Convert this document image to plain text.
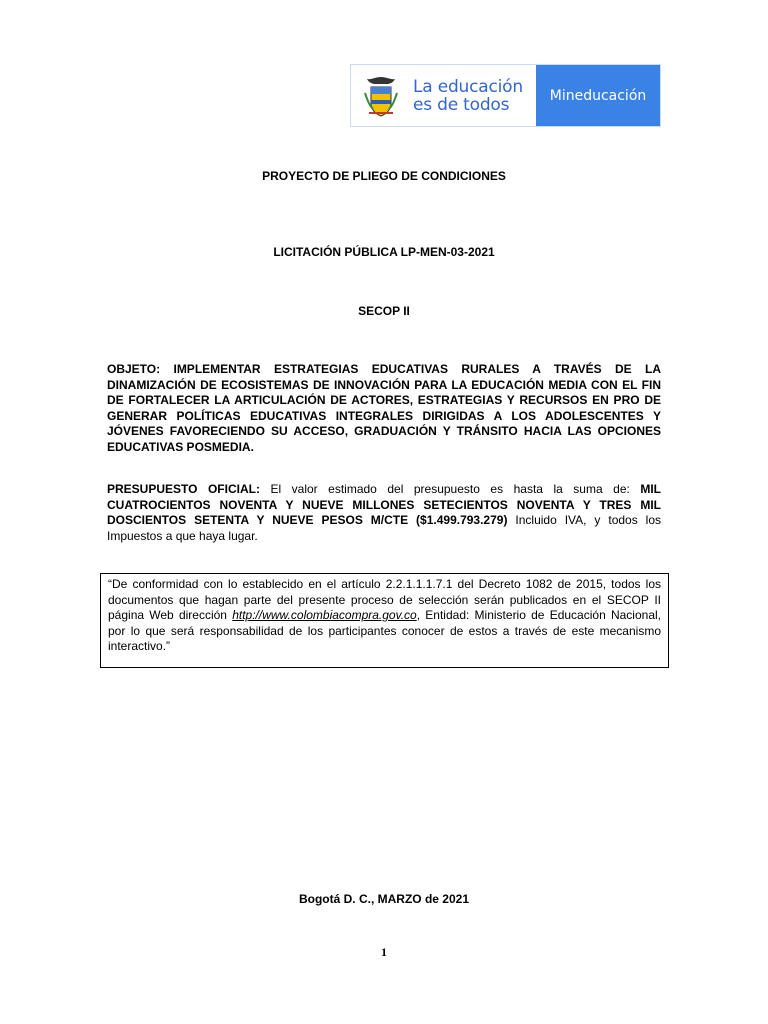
La educación
es de todos	Mineducación
PROYECTO DE PLIEGO DE CONDICIONES
LICITACIÓN PÚBLICA LP-MEN-03-2021
SECOP II
OBJETO: IMPLEMENTAR ESTRATEGIAS EDUCATIVAS RURALES A TRAVÉS DE LA DINAMIZACIÓN DE ECOSISTEMAS DE INNOVACIÓN PARA LA EDUCACIÓN MEDIA CON EL FIN DE FORTALECER LA ARTICULACIÓN DE ACTORES, ESTRATEGIAS Y RECURSOS EN PRO DE GENERAR POLÍTICAS EDUCATIVAS INTEGRALES DIRIGIDAS A LOS ADOLESCENTES Y JÓVENES FAVORECIENDO SU ACCESO, GRADUACIÓN Y TRÁNSITO HACIA LAS OPCIONES EDUCATIVAS POSMEDIA.
PRESUPUESTO OFICIAL: El valor estimado del presupuesto es hasta la suma de: MIL CUATROCIENTOS NOVENTA Y NUEVE MILLONES SETECIENTOS NOVENTA Y TRES MIL DOSCIENTOS SETENTA Y NUEVE PESOS M/CTE ($1.499.793.279) Incluido IVA, y todos los Impuestos a que haya lugar.
“De conformidad con lo establecido en el artículo 2.2.1.1.1.7.1 del Decreto 1082 de 2015, todos los documentos que hagan parte del presente proceso de selección serán publicados en el SECOP II página Web dirección http://www.colombiacompra.gov.co, Entidad: Ministerio de Educación Nacional, por lo que será responsabilidad de los participantes conocer de estos a través de este mecanismo interactivo.”
Bogotá D. C., MARZO de 2021
1
